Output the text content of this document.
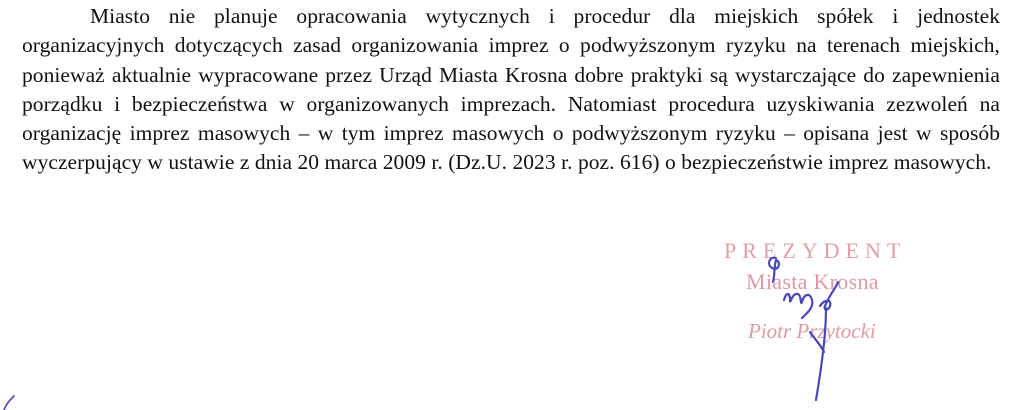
Miasto nie planuje opracowania wytycznych i procedur dla miejskich spółek i jednostek organizacyjnych dotyczących zasad organizowania imprez o podwyższonym ryzyku na terenach miejskich, ponieważ aktualnie wypracowane przez Urząd Miasta Krosna dobre praktyki są wystarczające do zapewnienia porządku i bezpieczeństwa w organizowanych imprezach. Natomiast procedura uzyskiwania zezwoleń na organizację imprez masowych – w tym imprez masowych o podwyższonym ryzyku – opisana jest w sposób wyczerpujący w ustawie z dnia 20 marca 2009 r. (Dz.U. 2023 r. poz. 616) o bezpieczeństwie imprez masowych.

PREZYDENT
Miasta Krosna
Piotr Przytocki
